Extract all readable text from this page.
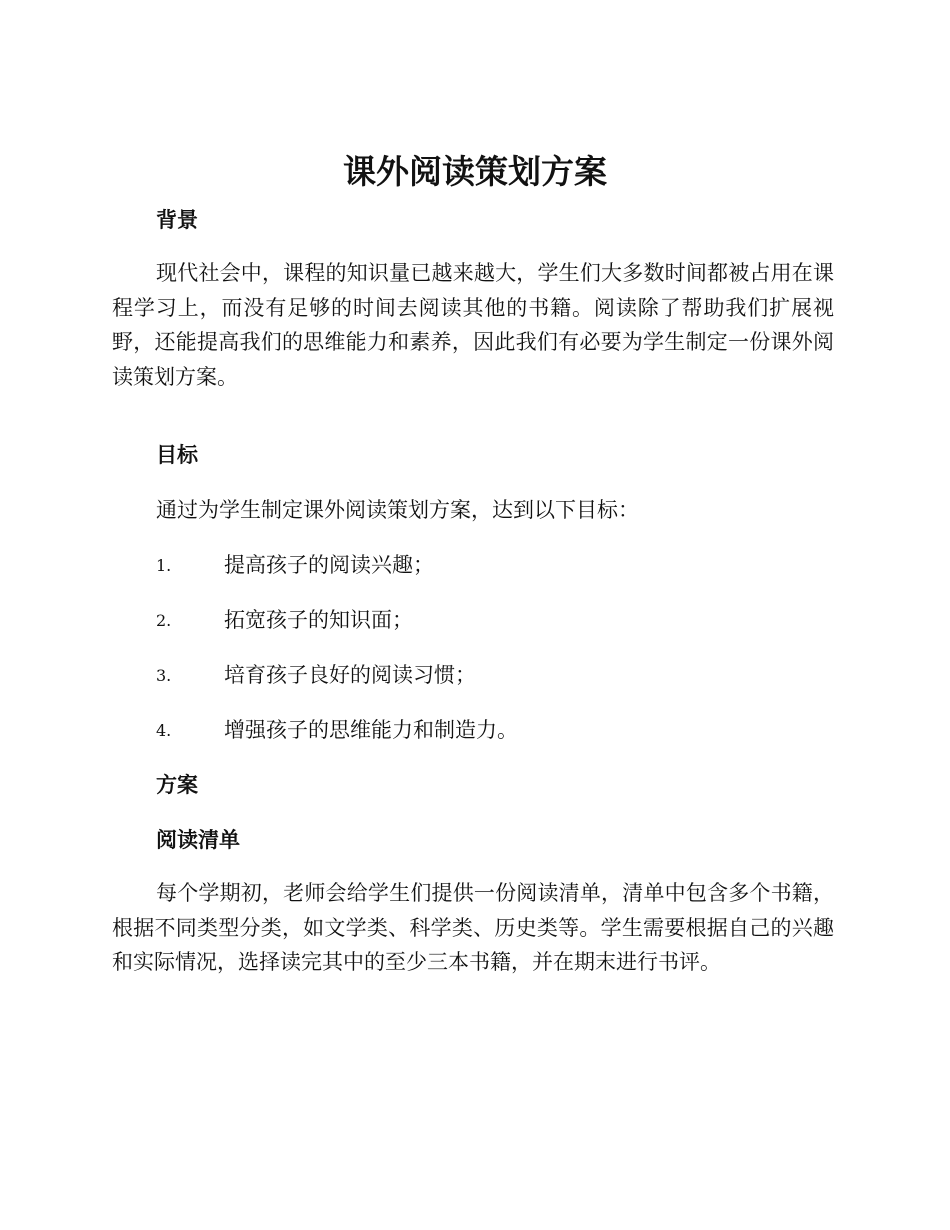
课外阅读策划方案
背景
现代社会中，课程的知识量已越来越大，学生们大多数时间都被占用在课程学习上，而没有足够的时间去阅读其他的书籍。阅读除了帮助我们扩展视野，还能提高我们的思维能力和素养，因此我们有必要为学生制定一份课外阅读策划方案。
目标
通过为学生制定课外阅读策划方案，达到以下目标：
1.	提高孩子的阅读兴趣；
2.	拓宽孩子的知识面；
3.	培育孩子良好的阅读习惯；
4.	增强孩子的思维能力和制造力。
方案
阅读清单
每个学期初，老师会给学生们提供一份阅读清单，清单中包含多个书籍，根据不同类型分类，如文学类、科学类、历史类等。学生需要根据自己的兴趣和实际情况，选择读完其中的至少三本书籍，并在期末进行书评。
